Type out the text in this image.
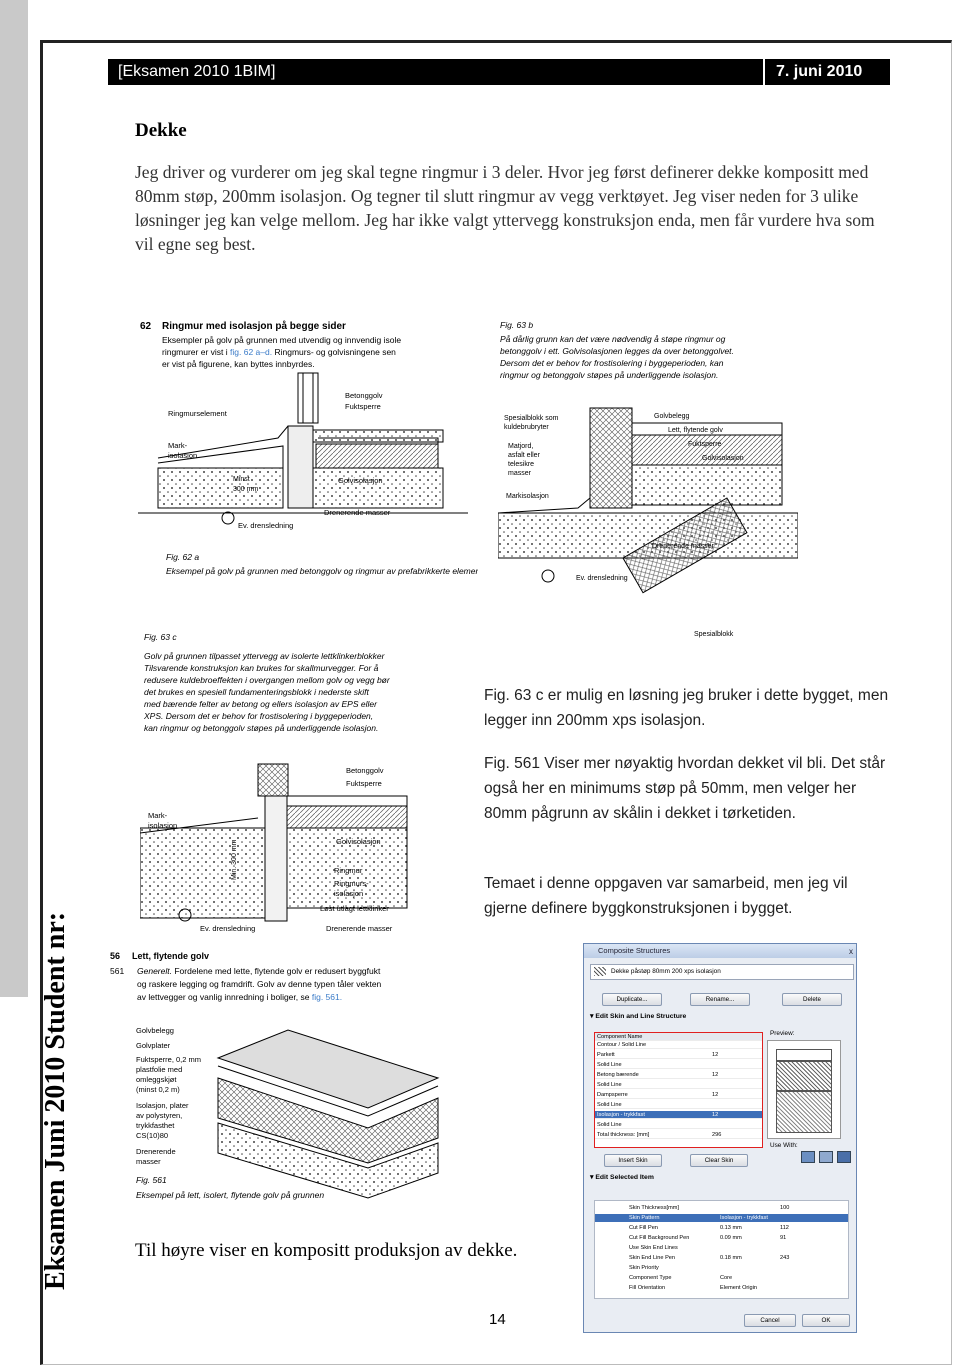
Eksamen Juni 2010 Student nr:
[Eksamen 2010 1BIM]	7. juni 2010
Dekke

Jeg driver og vurderer om jeg skal tegne ringmur i 3 deler. Hvor jeg først definerer dekke kompositt med 80mm støp, 200mm isolasjon. Og tegner til slutt ringmur av vegg verktøyet. Jeg viser neden for 3 ulike løsninger jeg kan velge mellom. Jeg har ikke valgt yttervegg konstruksjon enda, men får vurdere hva som vil egne seg best.

62 Ringmur med isolasjon på begge sider
Eksempler på golv på grunnen med utvendig og innvendig isole
ringmurer er vist i fig. 62 a–d. Ringmurs- og golvisningene sen
er vist på figurene, kan byttes innbyrdes.
Betonggolv
Fuktsperre
Ringmurselement
Mark-
isolasjon
Minst
300 mm
Golvisolasjon
Drenerende masser
Ev. drensledning
Fig. 62 a
Eksempel på golv på grunnen med betonggolv og ringmur av prefabrikkerte elementer
Fig. 63 b
På dårlig grunn kan det være nødvendig å støpe ringmur og
betonggolv i ett. Golvisolasjonen legges da over betonggolvet.
Dersom det er behov for frostisolering i byggeperioden, kan
ringmur og betonggolv støpes på underliggende isolasjon.
Spesialblokk som
kuldebrubryter
Golvbelegg
Lett, flytende golv
Matjord,
asfalt eller
telesikre
masser
Fuktsperre
Golvisolasjon
Markisolasjon
Drenerende masser
Ev. drensledning
Spesialblokk
Fig. 63 c
Golv på grunnen tilpasset yttervegg av isolerte lettklinkerblokker
Tilsvarende konstruksjon kan brukes for skallmurvegger. For å
redusere kuldebroeffekten i overgangen mellom golv og vegg bør
det brukes en spesiell fundamenteringsblokk i nederste skift
med bærende felter av betong og ellers isolasjon av EPS eller
XPS. Dersom det er behov for frostisolering i byggeperioden,
kan ringmur og betonggolv støpes på underliggende isolasjon.
Betonggolv
Fuktsperre
Mark-
isolasjon
Golvisolasjon
Min. 300 mm	Ringmur
Ringmurs-
isolasjon
Løst utlagt lettklinker
Ev. drensledning	Drenerende masser
56 Lett, flytende golv
561 Generelt. Fordelene med lette, flytende golv er redusert byggfukt
og raskere legging og framdrift. Golv av denne typen tåler vekten
av lettvegger og vanlig innredning i boliger, se fig. 561.
Golvbelegg
Golvplater
Fuktsperre, 0,2 mm
plastfolie med
omleggskjøt
(minst 0,2 m)
Isolasjon, plater
av polystyren,
trykkfasthet
CS(10)80
Drenerende
masser
Fig. 561
Eksempel på lett, isolert, flytende golv på grunnen

Fig. 63 c er mulig en løsning jeg bruker i dette bygget, men legger inn 200mm xps isolasjon.

Fig. 561 Viser mer nøyaktig hvordan dekket vil bli. Det står også her en minimums støp på 50mm, men velger her 80mm pågrunn av skålin i dekket i tørketiden.

Temaet i denne oppgaven var samarbeid, men jeg vil gjerne definere byggkonstruksjonen i bygget.

Composite Structures	x
Dekke påstøp 80mm 200 xps isolasjon
Duplicate...	Rename...	Delete
▾ Edit Skin and Line Structure
Component Name
Contour / Solid Line
Parkett	12
Solid Line
Betong bærende	12
Solid Line
Dampsperre	12
Solid Line
Isolasjon - trykkfast	12
Solid Line
Total thickness: [mm]	296
Preview:
Use With:
Insert Skin	Clear Skin
▾ Edit Selected Item
Skin Thickness[mm]	100
Skin Pattern	Isolasjon - trykkfast
Cut Fill Pen	0.13 mm	112
Cut Fill Background Pen	0.09 mm	91
Use Skin End Lines
Skin End Line Pen	0.18 mm	243
Skin Priority
Component Type	Core
Fill Orientation	Element Origin
Cancel	OK
Til høyre viser en kompositt produksjon av dekke.
14
